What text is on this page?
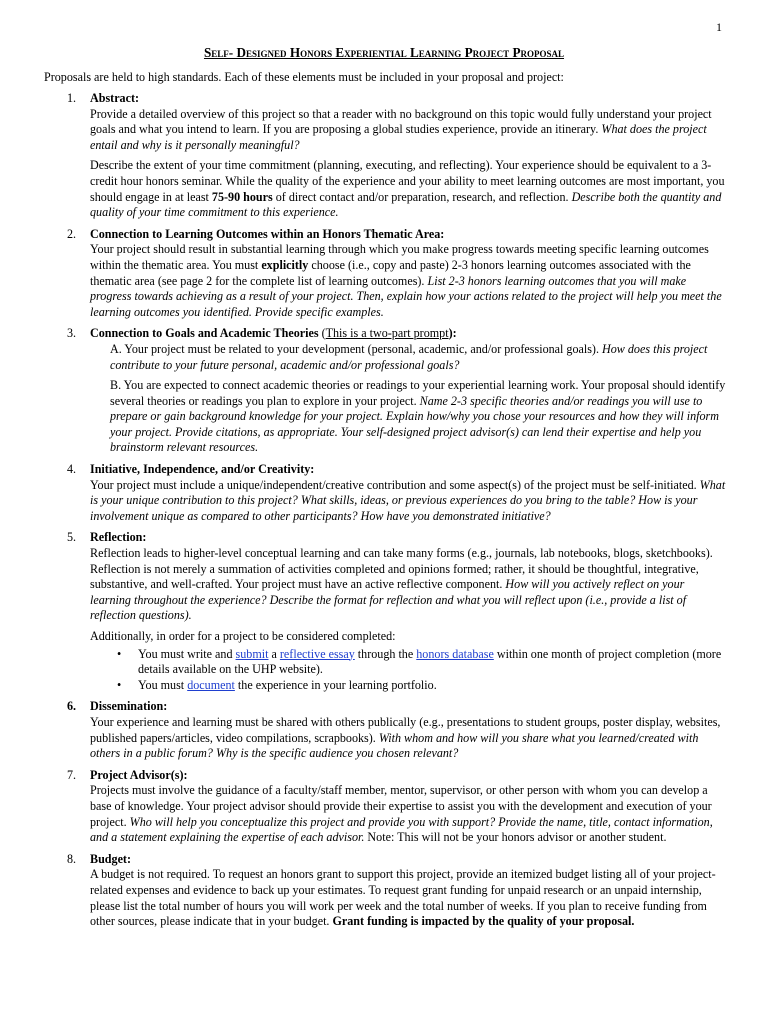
1
Self- Designed Honors Experiential Learning Project Proposal
Proposals are held to high standards. Each of these elements must be included in your proposal and project:
1. Abstract:

Provide a detailed overview of this project so that a reader with no background on this topic would fully understand your project goals and what you intend to learn. If you are proposing a global studies experience, provide an itinerary. What does the project entail and why is it personally meaningful?

Describe the extent of your time commitment (planning, executing, and reflecting). Your experience should be equivalent to a 3-credit hour honors seminar. While the quality of the experience and your ability to meet learning outcomes are most important, you should engage in at least 75-90 hours of direct contact and/or preparation, research, and reflection. Describe both the quantity and quality of your time commitment to this experience.

2. Connection to Learning Outcomes within an Honors Thematic Area:

Your project should result in substantial learning through which you make progress towards meeting specific learning outcomes within the thematic area. You must explicitly choose (i.e., copy and paste) 2-3 honors learning outcomes associated with the thematic area (see page 2 for the complete list of learning outcomes). List 2-3 honors learning outcomes that you will make progress towards achieving as a result of your project. Then, explain how your actions related to the project will help you meet the learning outcomes you identified. Provide specific examples.

3. Connection to Goals and Academic Theories (This is a two-part prompt):

A. Your project must be related to your development (personal, academic, and/or professional goals). How does this project contribute to your future personal, academic and/or professional goals?

B. You are expected to connect academic theories or readings to your experiential learning work. Your proposal should identify several theories or readings you plan to explore in your project. Name 2-3 specific theories and/or readings you will use to prepare or gain background knowledge for your project. Explain how/why you chose your resources and how they will inform your project. Provide citations, as appropriate. Your self-designed project advisor(s) can lend their expertise and help you brainstorm relevant resources.

4. Initiative, Independence, and/or Creativity:

Your project must include a unique/independent/creative contribution and some aspect(s) of the project must be self-initiated. What is your unique contribution to this project? What skills, ideas, or previous experiences do you bring to the table? How is your involvement unique as compared to other participants? How have you demonstrated initiative?

5. Reflection:

Reflection leads to higher-level conceptual learning and can take many forms (e.g., journals, lab notebooks, blogs, sketchbooks). Reflection is not merely a summation of activities completed and opinions formed; rather, it should be thoughtful, integrative, substantive, and well-crafted. Your project must have an active reflective component. How will you actively reflect on your learning throughout the experience? Describe the format for reflection and what you will reflect upon (i.e., provide a list of reflection questions).

Additionally, in order for a project to be considered completed:

• You must write and submit a reflective essay through the honors database within one month of project completion (more details available on the UHP website).
• You must document the experience in your learning portfolio.
6. Dissemination:

Your experience and learning must be shared with others publically (e.g., presentations to student groups, poster display, websites, published papers/articles, video compilations, scrapbooks). With whom and how will you share what you learned/created with others in a public forum? Why is the specific audience you chosen relevant?

7. Project Advisor(s):

Projects must involve the guidance of a faculty/staff member, mentor, supervisor, or other person with whom you can develop a base of knowledge. Your project advisor should provide their expertise to assist you with the development and execution of your project. Who will help you conceptualize this project and provide you with support? Provide the name, title, contact information, and a statement explaining the expertise of each advisor. Note: This will not be your honors advisor or another student.

8. Budget:

A budget is not required. To request an honors grant to support this project, provide an itemized budget listing all of your project-related expenses and evidence to back up your estimates. To request grant funding for unpaid research or an unpaid internship, please list the total number of hours you will work per week and the total number of weeks. If you plan to receive funding from other sources, please indicate that in your budget. Grant funding is impacted by the quality of your proposal.
